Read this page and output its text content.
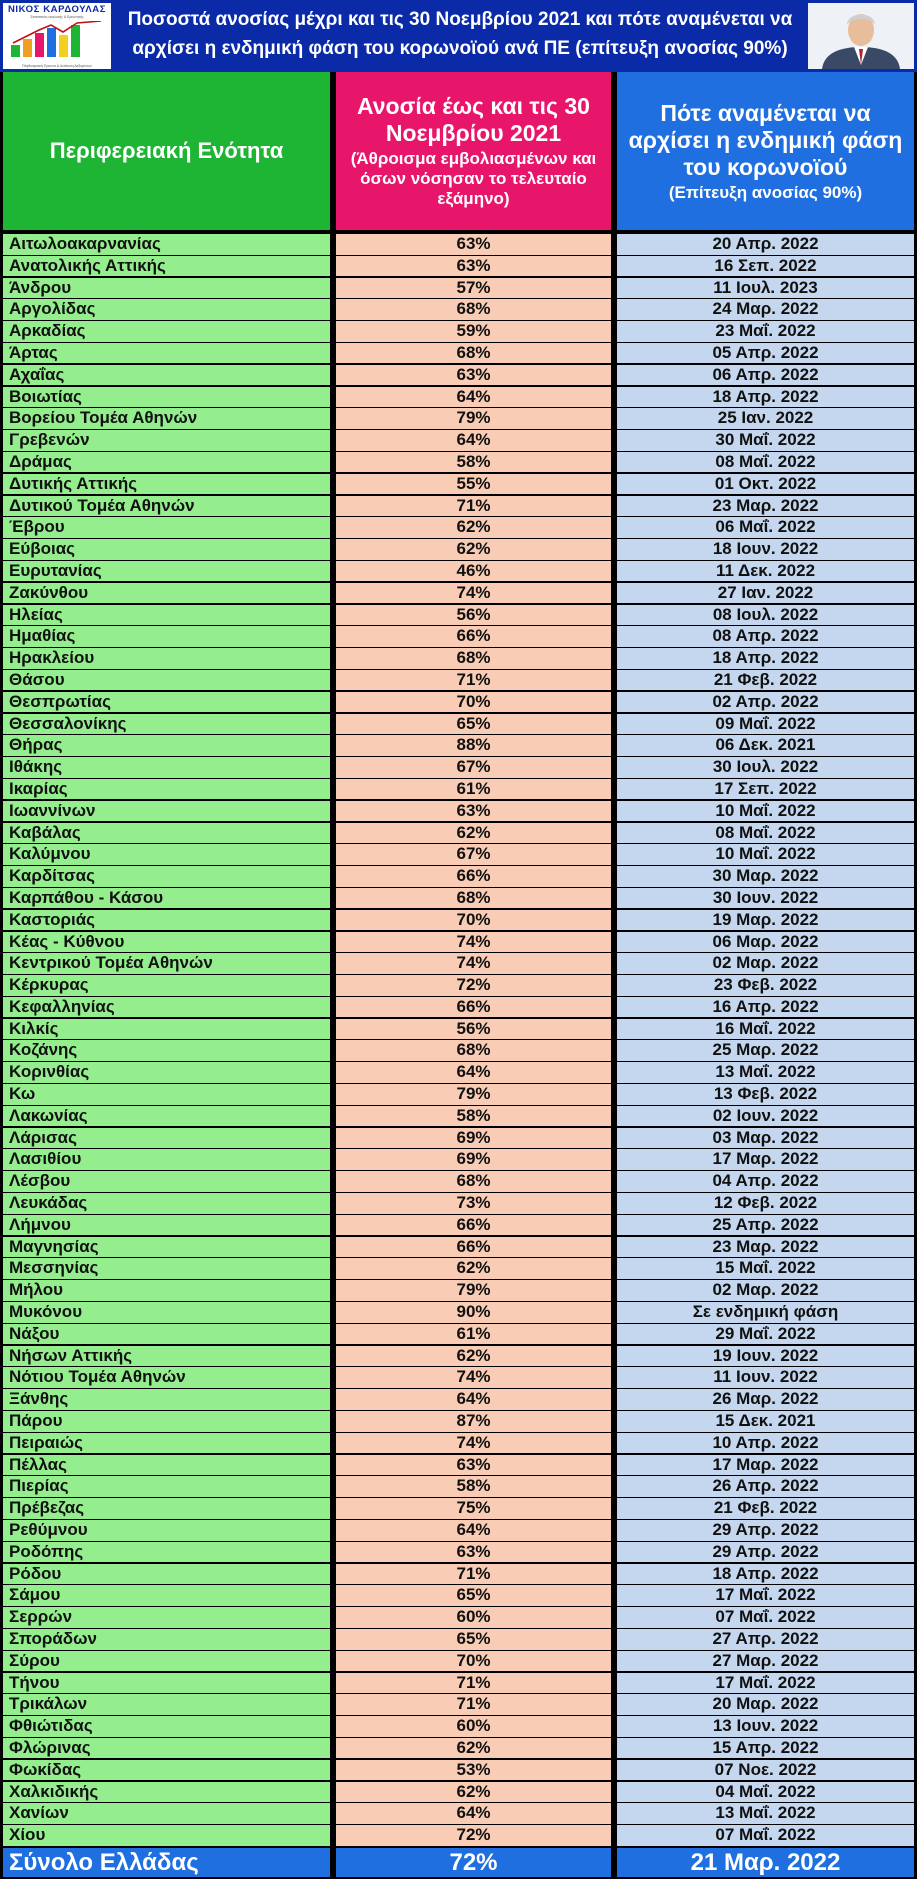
ΝΙΚΟΣ ΚΑΡΔΟΥΛΑΣ
Στατιστικός αναλυτής & Ερευνητής
Πληθυσμιακή Έρευνα & Ανάλυση Δεδομένων
Ποσοστά ανοσίας μέχρι και τις 30 Νοεμβρίου 2021 και πότε αναμένεται να αρχίσει η ενδημική φάση του κορωνοϊού ανά ΠΕ (επίτευξη ανοσίας 90%)
Περιφερειακή Ενότητα
Ανοσία έως και τις 30 Νοεμβρίου 2021
(Άθροισμα εμβολιασμένων και όσων νόσησαν το τελευταίο εξάμηνο)
Πότε αναμένεται να αρχίσει η ενδημική φάση του κορωνοϊού
(Επίτευξη ανοσίας 90%)
Αιτωλοακαρνανίας	63%	20 Απρ. 2022
Ανατολικής Αττικής	63%	16 Σεπ. 2022
Άνδρου	57%	11 Ιουλ. 2023
Αργολίδας	68%	24 Μαρ. 2022
Αρκαδίας	59%	23 Μαΐ. 2022
Άρτας	68%	05 Απρ. 2022
Αχαΐας	63%	06 Απρ. 2022
Βοιωτίας	64%	18 Απρ. 2022
Βορείου Τομέα Αθηνών	79%	25 Ιαν. 2022
Γρεβενών	64%	30 Μαΐ. 2022
Δράμας	58%	08 Μαΐ. 2022
Δυτικής Αττικής	55%	01 Οκτ. 2022
Δυτικού Τομέα Αθηνών	71%	23 Μαρ. 2022
Έβρου	62%	06 Μαΐ. 2022
Εύβοιας	62%	18 Ιουν. 2022
Ευρυτανίας	46%	11 Δεκ. 2022
Ζακύνθου	74%	27 Ιαν. 2022
Ηλείας	56%	08 Ιουλ. 2022
Ημαθίας	66%	08 Απρ. 2022
Ηρακλείου	68%	18 Απρ. 2022
Θάσου	71%	21 Φεβ. 2022
Θεσπρωτίας	70%	02 Απρ. 2022
Θεσσαλονίκης	65%	09 Μαΐ. 2022
Θήρας	88%	06 Δεκ. 2021
Ιθάκης	67%	30 Ιουλ. 2022
Ικαρίας	61%	17 Σεπ. 2022
Ιωαννίνων	63%	10 Μαΐ. 2022
Καβάλας	62%	08 Μαΐ. 2022
Καλύμνου	67%	10 Μαΐ. 2022
Καρδίτσας	66%	30 Μαρ. 2022
Καρπάθου - Κάσου	68%	30 Ιουν. 2022
Καστοριάς	70%	19 Μαρ. 2022
Κέας - Κύθνου	74%	06 Μαρ. 2022
Κεντρικού Τομέα Αθηνών	74%	02 Μαρ. 2022
Κέρκυρας	72%	23 Φεβ. 2022
Κεφαλληνίας	66%	16 Απρ. 2022
Κιλκίς	56%	16 Μαΐ. 2022
Κοζάνης	68%	25 Μαρ. 2022
Κορινθίας	64%	13 Μαΐ. 2022
Κω	79%	13 Φεβ. 2022
Λακωνίας	58%	02 Ιουν. 2022
Λάρισας	69%	03 Μαρ. 2022
Λασιθίου	69%	17 Μαρ. 2022
Λέσβου	68%	04 Απρ. 2022
Λευκάδας	73%	12 Φεβ. 2022
Λήμνου	66%	25 Απρ. 2022
Μαγνησίας	66%	23 Μαρ. 2022
Μεσσηνίας	62%	15 Μαΐ. 2022
Μήλου	79%	02 Μαρ. 2022
Μυκόνου	90%	Σε ενδημική φάση
Νάξου	61%	29 Μαΐ. 2022
Νήσων Αττικής	62%	19 Ιουν. 2022
Νότιου Τομέα Αθηνών	74%	11 Ιουν. 2022
Ξάνθης	64%	26 Μαρ. 2022
Πάρου	87%	15 Δεκ. 2021
Πειραιώς	74%	10 Απρ. 2022
Πέλλας	63%	17 Μαρ. 2022
Πιερίας	58%	26 Απρ. 2022
Πρέβεζας	75%	21 Φεβ. 2022
Ρεθύμνου	64%	29 Απρ. 2022
Ροδόπης	63%	29 Απρ. 2022
Ρόδου	71%	18 Απρ. 2022
Σάμου	65%	17 Μαΐ. 2022
Σερρών	60%	07 Μαΐ. 2022
Σποράδων	65%	27 Απρ. 2022
Σύρου	70%	27 Μαρ. 2022
Τήνου	71%	17 Μαΐ. 2022
Τρικάλων	71%	20 Μαρ. 2022
Φθιώτιδας	60%	13 Ιουν. 2022
Φλώρινας	62%	15 Απρ. 2022
Φωκίδας	53%	07 Νοε. 2022
Χαλκιδικής	62%	04 Μαΐ. 2022
Χανίων	64%	13 Μαΐ. 2022
Χίου	72%	07 Μαΐ. 2022
Σύνολο Ελλάδας	72%	21 Μαρ. 2022
